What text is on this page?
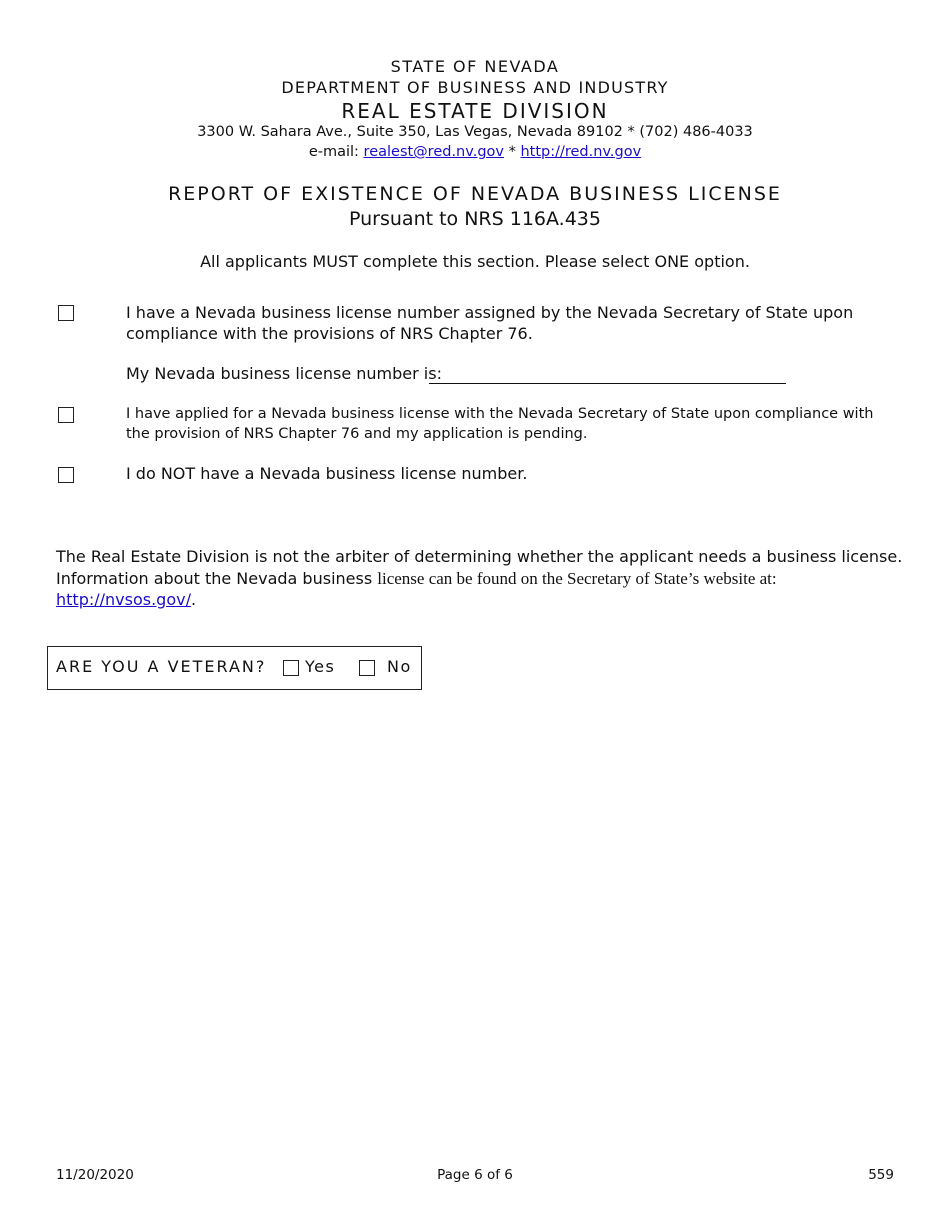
STATE OF NEVADA
DEPARTMENT OF BUSINESS AND INDUSTRY
REAL ESTATE DIVISION
3300 W. Sahara Ave., Suite 350, Las Vegas, Nevada 89102 * (702) 486-4033
e-mail: realest@red.nv.gov * http://red.nv.gov
REPORT OF EXISTENCE OF NEVADA BUSINESS LICENSE
Pursuant to NRS 116A.435
All applicants MUST complete this section. Please select ONE option.
I have a Nevada business license number assigned by the Nevada Secretary of State upon compliance with the provisions of NRS Chapter 76.
My Nevada business license number is:
I have applied for a Nevada business license with the Nevada Secretary of State upon compliance with the provision of NRS Chapter 76 and my application is pending.
I do NOT have a Nevada business license number.
The Real Estate Division is not the arbiter of determining whether the applicant needs a business license. Information about the Nevada business license can be found on the Secretary of State’s website at:
http://nvsos.gov/.
ARE YOU A VETERAN? Yes	No
11/20/2020	Page 6 of 6	559
